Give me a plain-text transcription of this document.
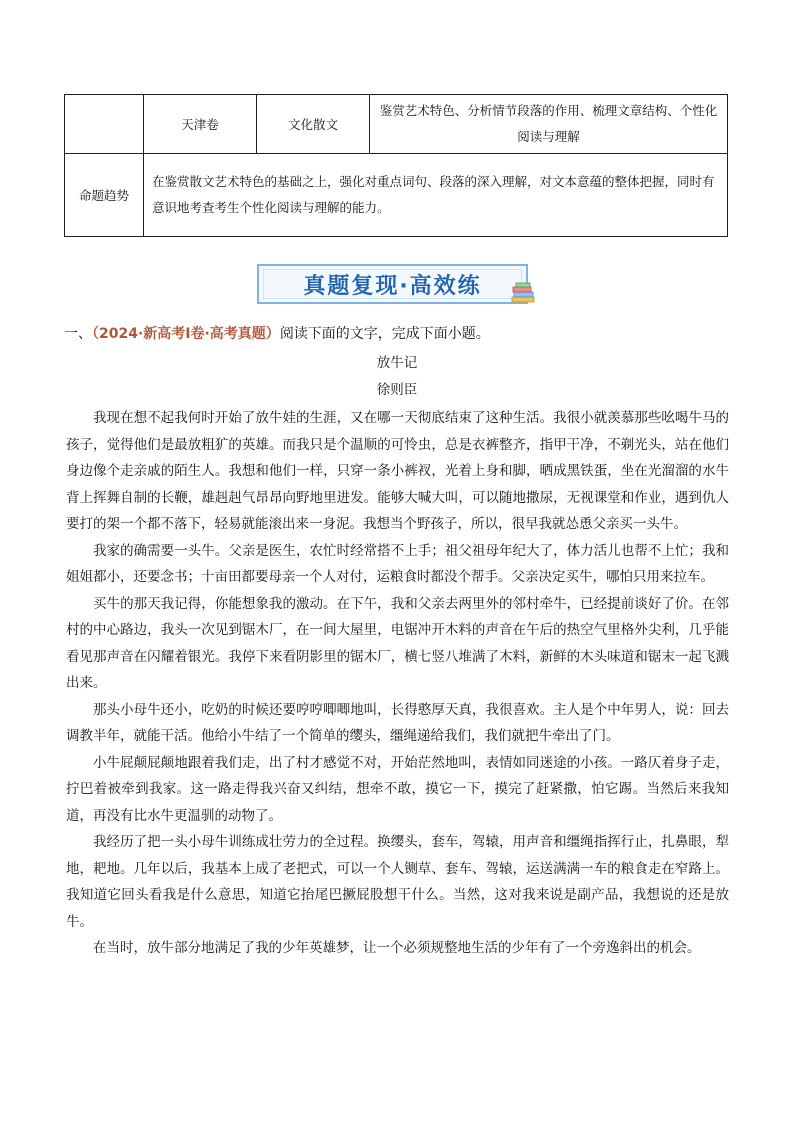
	天津卷	文化散文	鉴赏艺术特色、分析情节段落的作用、梳理文章结构、个性化阅读与理解
命题趋势	在鉴赏散文艺术特色的基础之上，强化对重点词句、段落的深入理解，对文本意蕴的整体把握，同时有意识地考查考生个性化阅读与理解的能力。		
真题复现·高效练
一、（2024·新高考Ⅰ卷·高考真题）阅读下面的文字，完成下面小题。
放牛记
徐则臣

我现在想不起我何时开始了放牛娃的生涯，又在哪一天彻底结束了这种生活。我很小就羡慕那些吆喝牛马的孩子，觉得他们是最放粗犷的英雄。而我只是个温顺的可怜虫，总是衣裤整齐，指甲干净，不剃光头，站在他们身边像个走亲戚的陌生人。我想和他们一样，只穿一条小裤衩，光着上身和脚，晒成黑铁蛋，坐在光溜溜的水牛背上挥舞自制的长鞭，雄赳赳气昂昂向野地里进发。能够大喊大叫，可以随地撒尿，无视课堂和作业，遇到仇人要打的架一个都不落下，轻易就能滚出来一身泥。我想当个野孩子，所以，很早我就怂恿父亲买一头牛。

我家的确需要一头牛。父亲是医生，农忙时经常搭不上手；祖父祖母年纪大了，体力活儿也帮不上忙；我和姐姐都小，还要念书；十亩田都要母亲一个人对付，运粮食时都没个帮手。父亲决定买牛，哪怕只用来拉车。

买牛的那天我记得，你能想象我的激动。在下午，我和父亲去两里外的邻村牵牛，已经提前谈好了价。在邻村的中心路边，我头一次见到锯木厂，在一间大屋里，电锯冲开木料的声音在午后的热空气里格外尖利，几乎能看见那声音在闪耀着银光。我停下来看阴影里的锯木厂，横七竖八堆满了木料，新鲜的木头味道和锯末一起飞溅出来。

那头小母牛还小，吃奶的时候还要哼哼唧唧地叫，长得憨厚天真，我很喜欢。主人是个中年男人，说：回去调教半年，就能干活。他给小牛结了一个简单的缨头，缰绳递给我们，我们就把牛牵出了门。

小牛屁颠屁颠地跟着我们走，出了村才感觉不对，开始茫然地叫，表情如同迷途的小孩。一路仄着身子走，拧巴着被牵到我家。这一路走得我兴奋又纠结，想牵不敢，摸它一下，摸完了赶紧撒，怕它踢。当然后来我知道，再没有比水牛更温驯的动物了。

我经历了把一头小母牛训练成壮劳力的全过程。换缨头，套车，驾辕，用声音和缰绳指挥行止，扎鼻眼，犁地，耙地。几年以后，我基本上成了老把式，可以一个人铡草、套车、驾辕，运送满满一车的粮食走在窄路上。我知道它回头看我是什么意思，知道它抬尾巴撅屁股想干什么。当然，这对我来说是副产品，我想说的还是放牛。

在当时，放牛部分地满足了我的少年英雄梦，让一个必须规整地生活的少年有了一个旁逸斜出的机会。
